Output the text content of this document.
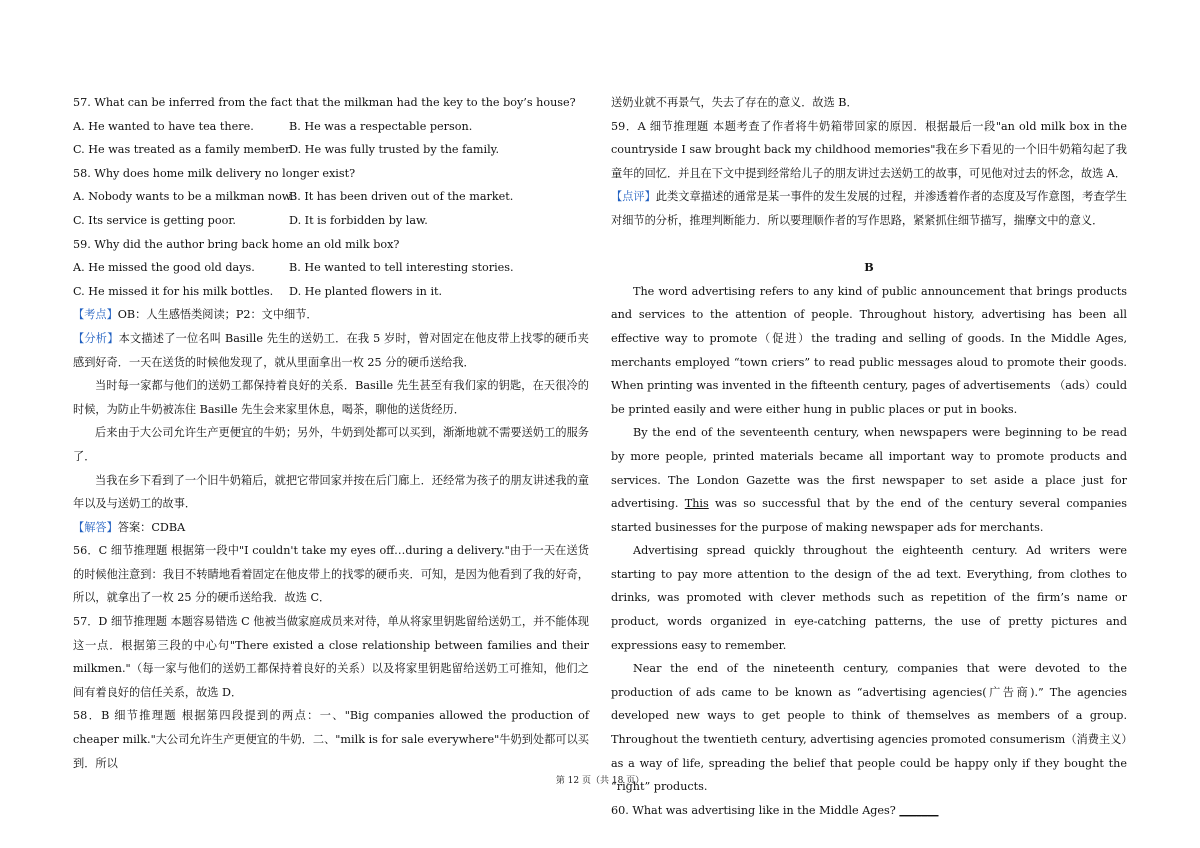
57. What can be inferred from the fact that the milkman had the key to the boy’s house?
A. He wanted to have tea there.	B. He was a respectable person.
C. He was treated as a family member.D. He was fully trusted by the family.
58. Why does home milk delivery no longer exist?
A. Nobody wants to be a milkman now.B. It has been driven out of the market.
C. Its service is getting poor.	D. It is forbidden by law.
59. Why did the author bring back home an old milk box?
A. He missed the good old days.	B. He wanted to tell interesting stories.
C. He missed it for his milk bottles. D. He planted flowers in it.

【考点】OB：人生感悟类阅读；P2：文中细节．

【分析】本文描述了一位名叫 Basille 先生的送奶工．在我 5 岁时，曾对固定在他皮带上找零的硬币夹感到好奇．一天在送货的时候他发现了，就从里面拿出一枚 25 分的硬币送给我．

当时每一家都与他们的送奶工都保持着良好的关系．Basille 先生甚至有我们家的钥匙，在天很冷的时候，为防止牛奶被冻住 Basille 先生会来家里休息，喝茶，聊他的送货经历．

后来由于大公司允许生产更便宜的牛奶；另外，牛奶到处都可以买到，渐渐地就不需要送奶工的服务了．

当我在乡下看到了一个旧牛奶箱后，就把它带回家并按在后门廊上．还经常为孩子的朋友讲述我的童年以及与送奶工的故事．

【解答】答案：CDBA

56．C 细节推理题 根据第一段中"I couldn't take my eyes off…during a delivery."由于一天在送货的时候他注意到：我目不转睛地看着固定在他皮带上的找零的硬币夹．可知，是因为他看到了我的好奇，所以，就拿出了一枚 25 分的硬币送给我．故选 C．

57．D 细节推理题 本题容易错选 C 他被当做家庭成员来对待，单从将家里钥匙留给送奶工，并不能体现这一点．根据第三段的中心句"There existed a close relationship between families and their milkmen."（每一家与他们的送奶工都保持着良好的关系）以及将家里钥匙留给送奶工可推知，他们之间有着良好的信任关系，故选 D．

58．B 细节推理题 根据第四段提到的两点：一、"Big companies allowed the production of cheaper milk."大公司允许生产更便宜的牛奶．二、"milk is for sale everywhere"牛奶到处都可以买到．所以

送奶业就不再景气，失去了存在的意义．故选 B．

59．A 细节推理题 本题考查了作者将牛奶箱带回家的原因．根据最后一段"an old milk box in the countryside I saw brought back my childhood memories"我在乡下看见的一个旧牛奶箱勾起了我童年的回忆．并且在下文中提到经常给儿子的朋友讲过去送奶工的故事，可见他对过去的怀念，故选 A．

【点评】此类文章描述的通常是某一事件的发生发展的过程，并渗透着作者的态度及写作意图，考查学生对细节的分析，推理判断能力．所以要理顺作者的写作思路，紧紧抓住细节描写，揣摩文中的意义．

B

The word advertising refers to any kind of public announcement that brings products and services to the attention of people. Throughout history, advertising has been all effective way to promote（促进）the trading and selling of goods. In the Middle Ages, merchants employed “town criers” to read public messages aloud to promote their goods. When printing was invented in the fifteenth century, pages of advertisements （ads）could be printed easily and were either hung in public places or put in books.

By the end of the seventeenth century, when newspapers were beginning to be read by more people, printed materials became all important way to promote products and services. The London Gazette was the first newspaper to set aside a place just for advertising. This was so successful that by the end of the century several companies started businesses for the purpose of making newspaper ads for merchants.

Advertising spread quickly throughout the eighteenth century. Ad writers were starting to pay more attention to the design of the ad text. Everything, from clothes to drinks, was promoted with clever methods such as repetition of the firm’s name or product, words organized in eye-catching patterns, the use of pretty pictures and expressions easy to remember.

Near the end of the nineteenth century, companies that were devoted to the production of ads came to be known as “advertising agencies(广告商).” The agencies developed new ways to get people to think of themselves as members of a group. Throughout the twentieth century, advertising agencies promoted consumerism（消费主义）as a way of life, spreading the belief that people could be happy only if they bought the “right” products.

60. What was advertising like in the Middle Ages? _______
第 12 页（共 18 页）
